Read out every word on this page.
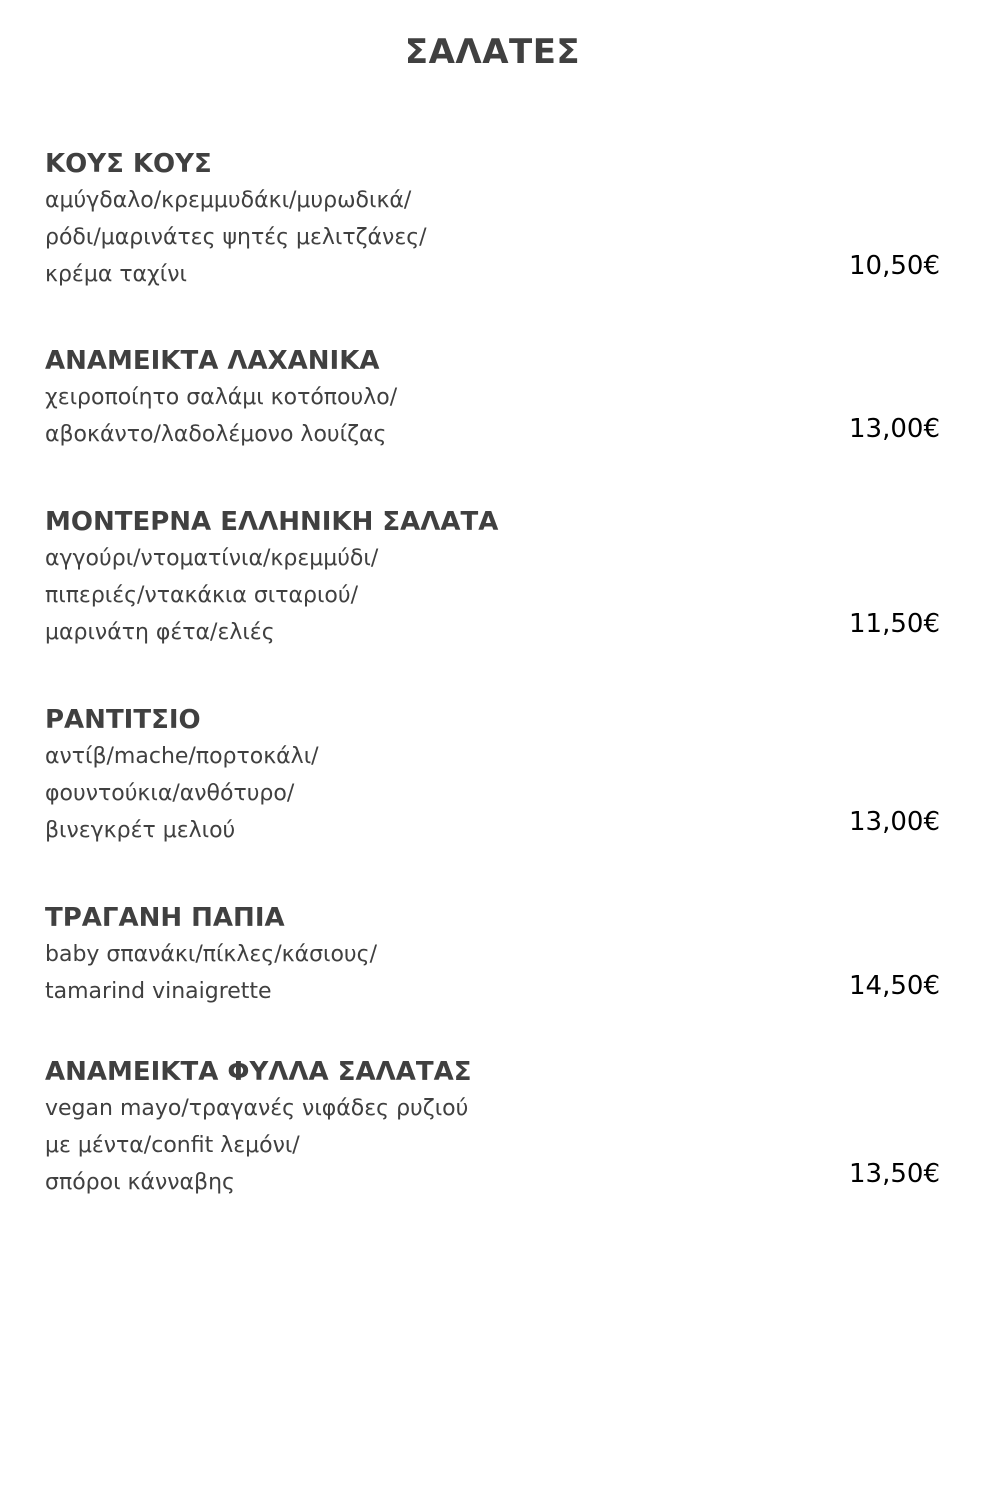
ΣΑΛΑΤΕΣ
ΚΟΥΣ ΚΟΥΣ
αμύγδαλο/κρεμμυδάκι/μυρωδικά/
ρόδι/μαρινάτες ψητές μελιτζάνες/
κρέμα ταχίνι	10,50€
ΑΝΑΜΕΙΚΤΑ ΛΑΧΑΝΙΚΑ
χειροποίητο σαλάμι κοτόπουλο/
αβοκάντο/λαδολέμονο λουίζας	13,00€
ΜΟΝΤΕΡΝΑ ΕΛΛΗΝΙΚΗ ΣΑΛΑΤΑ
αγγούρι/ντοματίνια/κρεμμύδι/
πιπεριές/ντακάκια σιταριού/
μαρινάτη φέτα/ελιές	11,50€
ΡΑΝΤΙΤΣΙΟ
αντίβ/mache/πορτοκάλι/
φουντούκια/ανθότυρο/
βινεγκρέτ μελιού	13,00€
ΤΡΑΓΑΝΗ ΠΑΠΙΑ
baby σπανάκι/πίκλες/κάσιους/
tamarind vinaigrette	14,50€
ΑΝΑΜΕΙΚΤΑ ΦΥΛΛΑ ΣΑΛΑΤΑΣ
vegan mayo/τραγανές νιφάδες ρυζιού
με μέντα/confit λεμόνι/
σπόροι κάνναβης	13,50€
